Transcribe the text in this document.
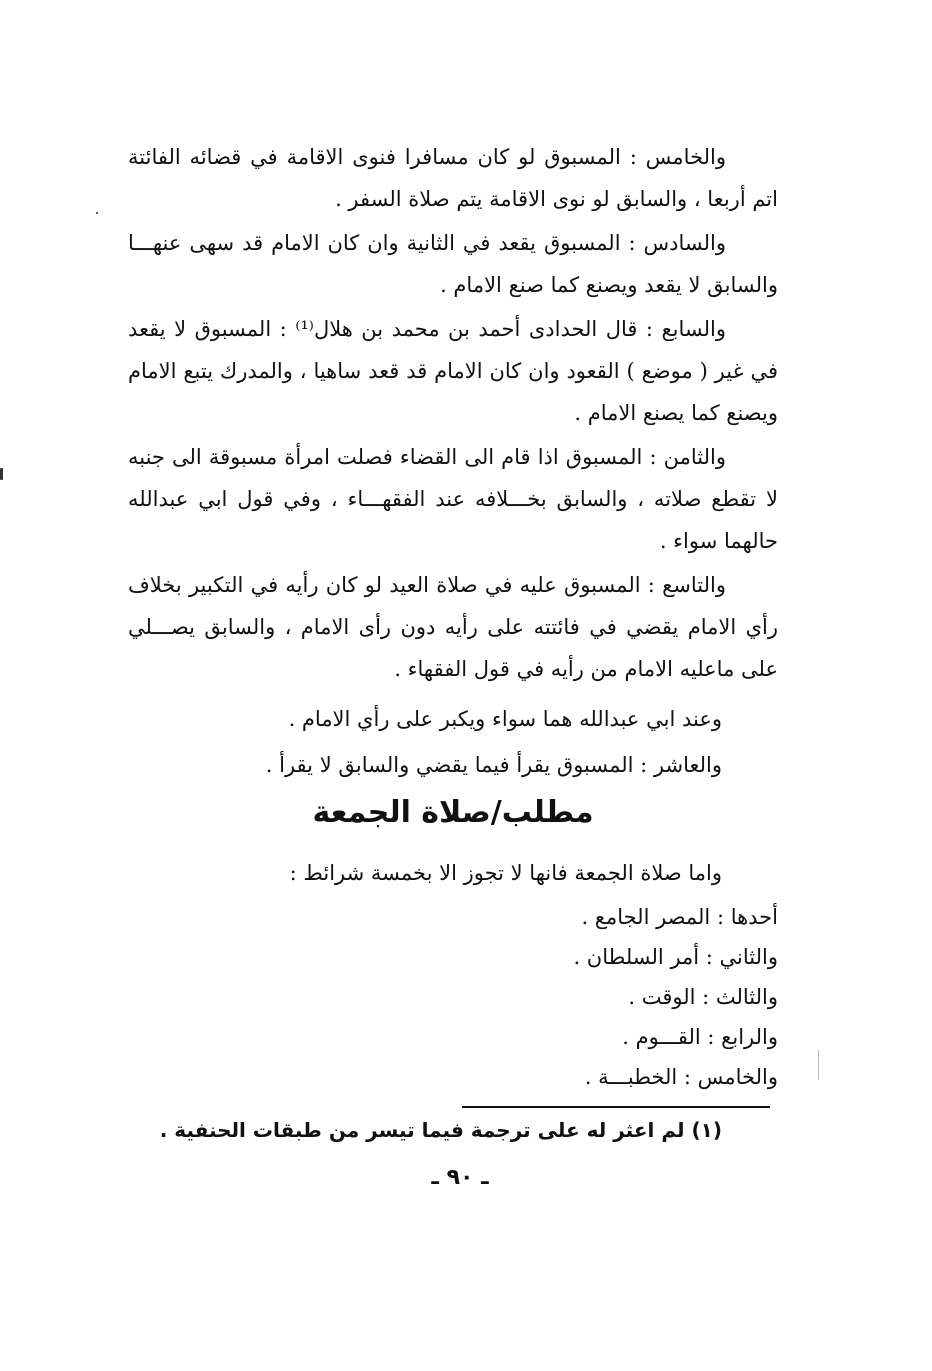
والخامس : المسبوق لو كان مسافرا فنوى الاقامة في قضائه الفائتة اتم أربعا ، والسابق لو نوى الاقامة يتم صلاة السفر .

والسادس : المسبوق يقعد في الثانية وان كان الامام قد سهى عنهـــا والسابق لا يقعد ويصنع كما صنع الامام .

والسابع : قال الحدادى أحمد بن محمد بن هلال⁽¹⁾ : المسبوق لا يقعد في غير ( موضع ) القعود وان كان الامام قد قعد ساهيا ، والمدرك يتبع الامام ويصنع كما يصنع الامام .

والثامن : المسبوق اذا قام الى القضاء فصلت امرأة مسبوقة الى جنبه لا تقطع صلاته ، والسابق بخـــلافه عند الفقهـــاء ، وفي قول ابي عبدالله حالهما سواء .

والتاسع : المسبوق عليه في صلاة العيد لو كان رأيه في التكبير بخلاف رأي الامام يقضي في فائتته على رأيه دون رأى الامام ، والسابق يصـــلي على ماعليه الامام من رأيه في قول الفقهاء .

وعند ابي عبدالله هما سواء ويكبر على رأي الامام .
والعاشر : المسبوق يقرأ فيما يقضي والسابق لا يقرأ .
مطلب/صلاة الجمعة
واما صلاة الجمعة فانها لا تجوز الا بخمسة شرائط :
أحدها : المصر الجامع .
والثاني : أمر السلطان .
والثالث : الوقت .
والرابع : القـــوم .
والخامس : الخطبـــة .
(١) لم اعثر له على ترجمة فيما تيسر من طبقات الحنفية .
ـ ٩٠ ـ
